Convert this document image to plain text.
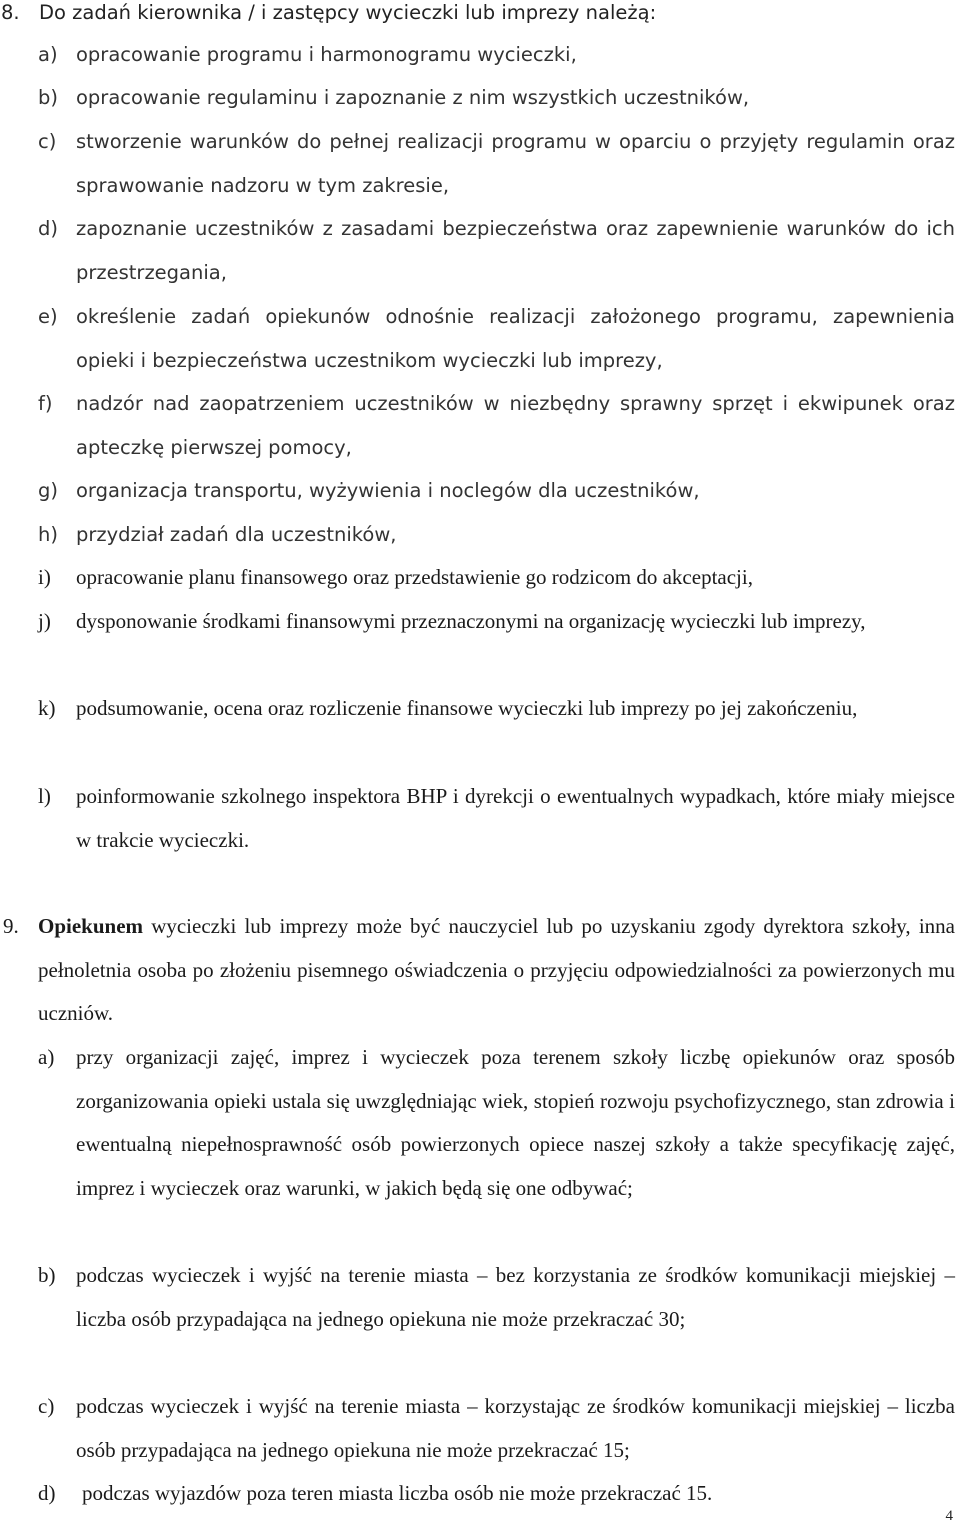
8. Do zadań kierownika / i zastępcy wycieczki lub imprezy należą:
a) opracowanie programu i harmonogramu wycieczki,
b) opracowanie regulaminu i zapoznanie z nim wszystkich uczestników,
c) stworzenie warunków do pełnej realizacji programu w oparciu o przyjęty regulamin oraz sprawowanie nadzoru w tym zakresie,
d) zapoznanie uczestników z zasadami bezpieczeństwa oraz zapewnienie warunków do ich przestrzegania,
e) określenie zadań opiekunów odnośnie realizacji założonego programu, zapewnienia opieki i bezpieczeństwa uczestnikom wycieczki lub imprezy,
f) nadzór nad zaopatrzeniem uczestników w niezbędny sprawny sprzęt i ekwipunek oraz apteczkę pierwszej pomocy,
g) organizacja transportu, wyżywienia i noclegów dla uczestników,
h) przydział zadań dla uczestników,
i) opracowanie planu finansowego oraz przedstawienie go rodzicom do akceptacji,
j) dysponowanie środkami finansowymi przeznaczonymi na organizację wycieczki lub imprezy,
k) podsumowanie, ocena oraz rozliczenie finansowe wycieczki lub imprezy po jej zakończeniu,
l) poinformowanie szkolnego inspektora BHP i dyrekcji o ewentualnych wypadkach, które miały miejsce w trakcie wycieczki.
9. Opiekunem wycieczki lub imprezy może być nauczyciel lub po uzyskaniu zgody dyrektora szkoły, inna pełnoletnia osoba po złożeniu pisemnego oświadczenia o przyjęciu odpowiedzialności za powierzonych mu uczniów.
a) przy organizacji zajęć, imprez i wycieczek poza terenem szkoły liczbę opiekunów oraz sposób zorganizowania opieki ustala się uwzględniając wiek, stopień rozwoju psychofizycznego, stan zdrowia i ewentualną niepełnosprawność osób powierzonych opiece naszej szkoły a także specyfikację zajęć, imprez i wycieczek oraz warunki, w jakich będą się one odbywać;
b) podczas wycieczek i wyjść na terenie miasta – bez korzystania ze środków komunikacji miejskiej – liczba osób przypadająca na jednego opiekuna nie może przekraczać 30;
c) podczas wycieczek i wyjść na terenie miasta – korzystając ze środków komunikacji miejskiej – liczba osób przypadająca na jednego opiekuna nie może przekraczać 15;
d) podczas wyjazdów poza teren miasta liczba osób nie może przekraczać 15.
4
